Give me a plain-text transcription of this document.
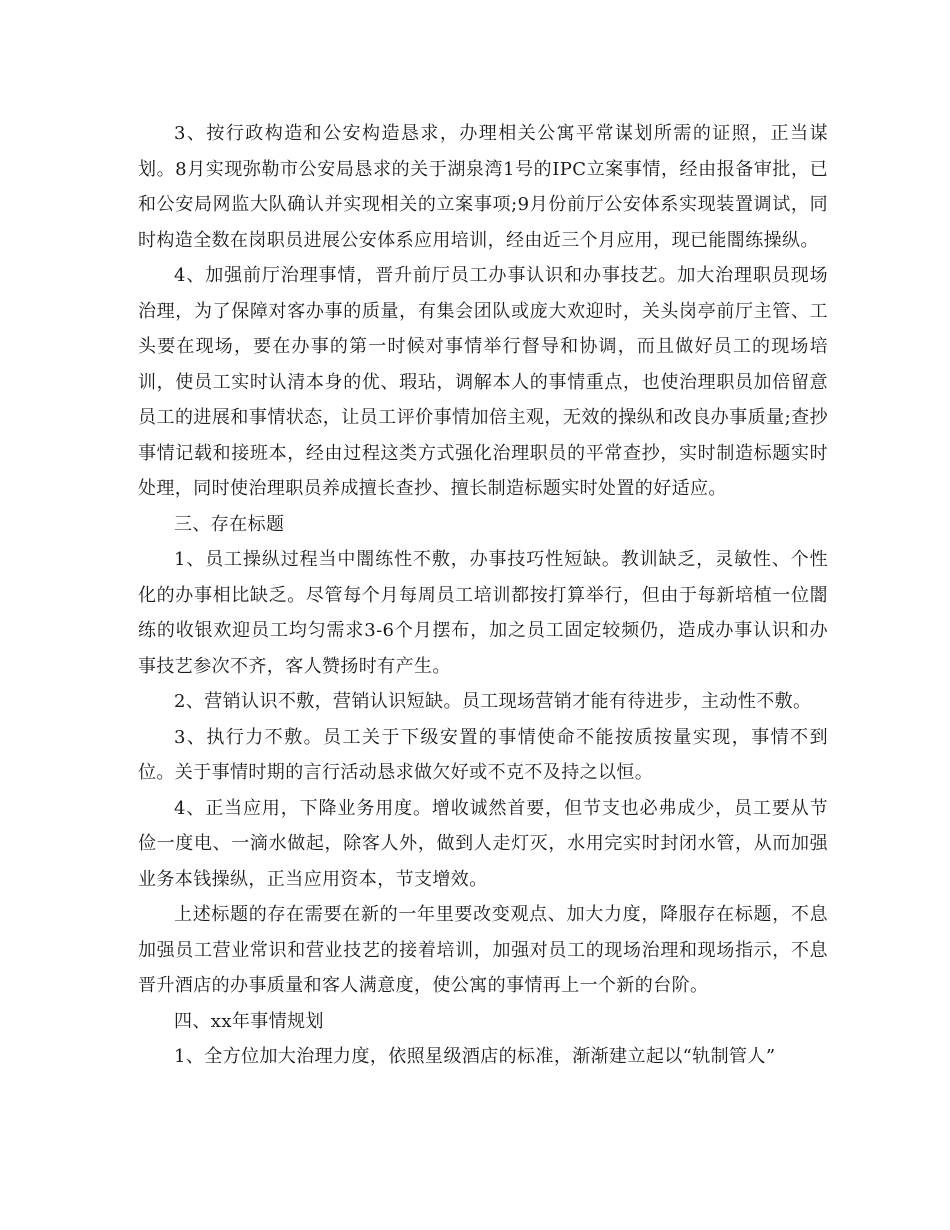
3、按行政构造和公安构造恳求，办理相关公寓平常谋划所需的证照，正当谋划。8月实现弥勒市公安局恳求的关于湖泉湾1号的IPC立案事情，经由报备审批，已和公安局网监大队确认并实现相关的立案事项;9月份前厅公安体系实现装置调试，同时构造全数在岗职员进展公安体系应用培训，经由近三个月应用，现已能闇练操纵。

4、加强前厅治理事情，晋升前厅员工办事认识和办事技艺。加大治理职员现场治理，为了保障对客办事的质量，有集会团队或庞大欢迎时，关头岗亭前厅主管、工头要在现场，要在办事的第一时候对事情举行督导和协调，而且做好员工的现场培训，使员工实时认清本身的优、瑕玷，调解本人的事情重点，也使治理职员加倍留意员工的进展和事情状态，让员工评价事情加倍主观，无效的操纵和改良办事质量;查抄事情记载和接班本，经由过程这类方式强化治理职员的平常查抄，实时制造标题实时处理，同时使治理职员养成擅长查抄、擅长制造标题实时处置的好适应。

三、存在标题

1、员工操纵过程当中闇练性不敷，办事技巧性短缺。教训缺乏，灵敏性、个性化的办事相比缺乏。尽管每个月每周员工培训都按打算举行，但由于每新培植一位闇练的收银欢迎员工均匀需求3-6个月摆布，加之员工固定较频仍，造成办事认识和办事技艺参次不齐，客人赞扬时有产生。

2、营销认识不敷，营销认识短缺。员工现场营销才能有待进步，主动性不敷。

3、执行力不敷。员工关于下级安置的事情使命不能按质按量实现，事情不到位。关于事情时期的言行活动恳求做欠好或不克不及持之以恒。

4、正当应用，下降业务用度。增收诚然首要，但节支也必弗成少，员工要从节俭一度电、一滴水做起，除客人外，做到人走灯灭，水用完实时封闭水管，从而加强业务本钱操纵，正当应用资本，节支增效。

上述标题的存在需要在新的一年里要改变观点、加大力度，降服存在标题，不息加强员工营业常识和营业技艺的接着培训，加强对员工的现场治理和现场指示，不息晋升酒店的办事质量和客人满意度，使公寓的事情再上一个新的台阶。

四、xx年事情规划

1、全方位加大治理力度，依照星级酒店的标准，渐渐建立起以“轨制管人”
